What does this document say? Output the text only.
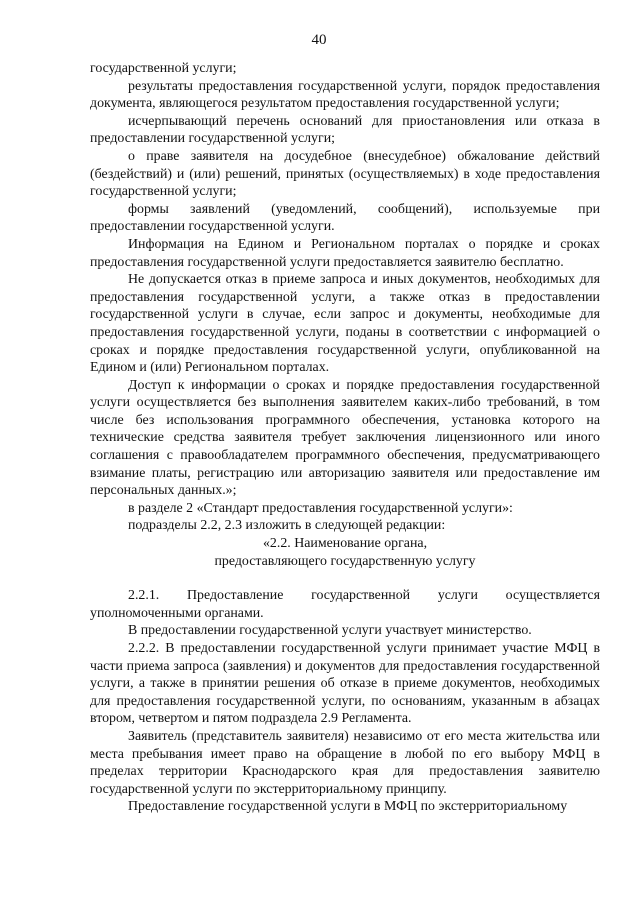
40

государственной услуги;

результаты предоставления государственной услуги, порядок предоставления документа, являющегося результатом предоставления государственной услуги;

исчерпывающий перечень оснований для приостановления или отказа в предоставлении государственной услуги;

о праве заявителя на досудебное (внесудебное) обжалование действий (бездействий) и (или) решений, принятых (осуществляемых) в ходе предоставления государственной услуги;

формы заявлений (уведомлений, сообщений), используемые при предоставлении государственной услуги.

Информация на Едином и Региональном порталах о порядке и сроках предоставления государственной услуги предоставляется заявителю бесплатно.

Не допускается отказ в приеме запроса и иных документов, необходимых для предоставления государственной услуги, а также отказ в предоставлении государственной услуги в случае, если запрос и документы, необходимые для предоставления государственной услуги, поданы в соответствии с информацией о сроках и порядке предоставления государственной услуги, опубликованной на Едином и (или) Региональном порталах.

Доступ к информации о сроках и порядке предоставления государственной услуги осуществляется без выполнения заявителем каких-либо требований, в том числе без использования программного обеспечения, установка которого на технические средства заявителя требует заключения лицензионного или иного соглашения с правообладателем программного обеспечения, предусматривающего взимание платы, регистрацию или авторизацию заявителя или предоставление им персональных данных.»;

в разделе 2 «Стандарт предоставления государственной услуги»:

подразделы 2.2, 2.3 изложить в следующей редакции:

«2.2. Наименование органа,

предоставляющего государственную услугу

2.2.1. Предоставление государственной услуги осуществляется уполномоченными органами.

В предоставлении государственной услуги участвует министерство.

2.2.2. В предоставлении государственной услуги принимает участие МФЦ в части приема запроса (заявления) и документов для предоставления государственной услуги, а также в принятии решения об отказе в приеме документов, необходимых для предоставления государственной услуги, по основаниям, указанным в абзацах втором, четвертом и пятом подраздела 2.9 Регламента.

Заявитель (представитель заявителя) независимо от его места жительства или места пребывания имеет право на обращение в любой по его выбору МФЦ в пределах территории Краснодарского края для предоставления заявителю государственной услуги по экстерриториальному принципу.

Предоставление государственной услуги в МФЦ по экстерриториальному
